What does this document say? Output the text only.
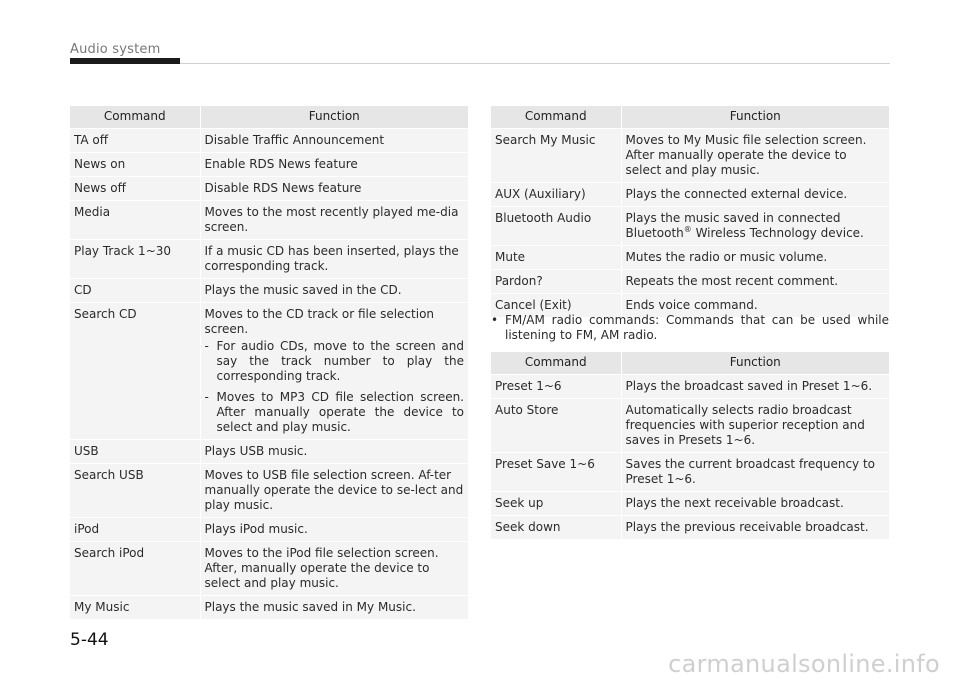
Audio system
Command	Function
TA off	Disable Traffic Announcement
News on	Enable RDS News feature
News off	Disable RDS News feature
Media	Moves to the most recently played me-dia screen.
Play Track 1~30	If a music CD has been inserted, plays the corresponding track.
CD	Plays the music saved in the CD.
Search CD	Moves to the CD track or file selection screen.
- For audio CDs, move to the screen and say the track number to play the corresponding track.
- Moves to MP3 CD file selection screen. After manually operate the device to select and play music.

USB	Plays USB music.
Search USB	Moves to USB file selection screen. Af-ter manually operate the device to se-lect and play music.
iPod	Plays iPod music.
Search iPod	Moves to the iPod file selection screen. After, manually operate the device to select and play music.
My Music	Plays the music saved in My Music.
Command	Function
Search My Music	Moves to My Music file selection screen. After manually operate the device to select and play music.
AUX (Auxiliary)	Plays the connected external device.
Bluetooth Audio	Plays the music saved in connected Bluetooth® Wireless Technology device.
Mute	Mutes the radio or music volume.
Pardon?	Repeats the most recent comment.
Cancel (Exit)	Ends voice command.
• FM/AM radio commands: Commands that can be used while listening to FM, AM radio.
Command	Function
Preset 1~6	Plays the broadcast saved in Preset 1~6.
Auto Store	Automatically selects radio broadcast frequencies with superior reception and saves in Presets 1~6.
Preset Save 1~6	Saves the current broadcast frequency to Preset 1~6.
Seek up	Plays the next receivable broadcast.
Seek down	Plays the previous receivable broadcast.
5-44
carmanualsonline.info
